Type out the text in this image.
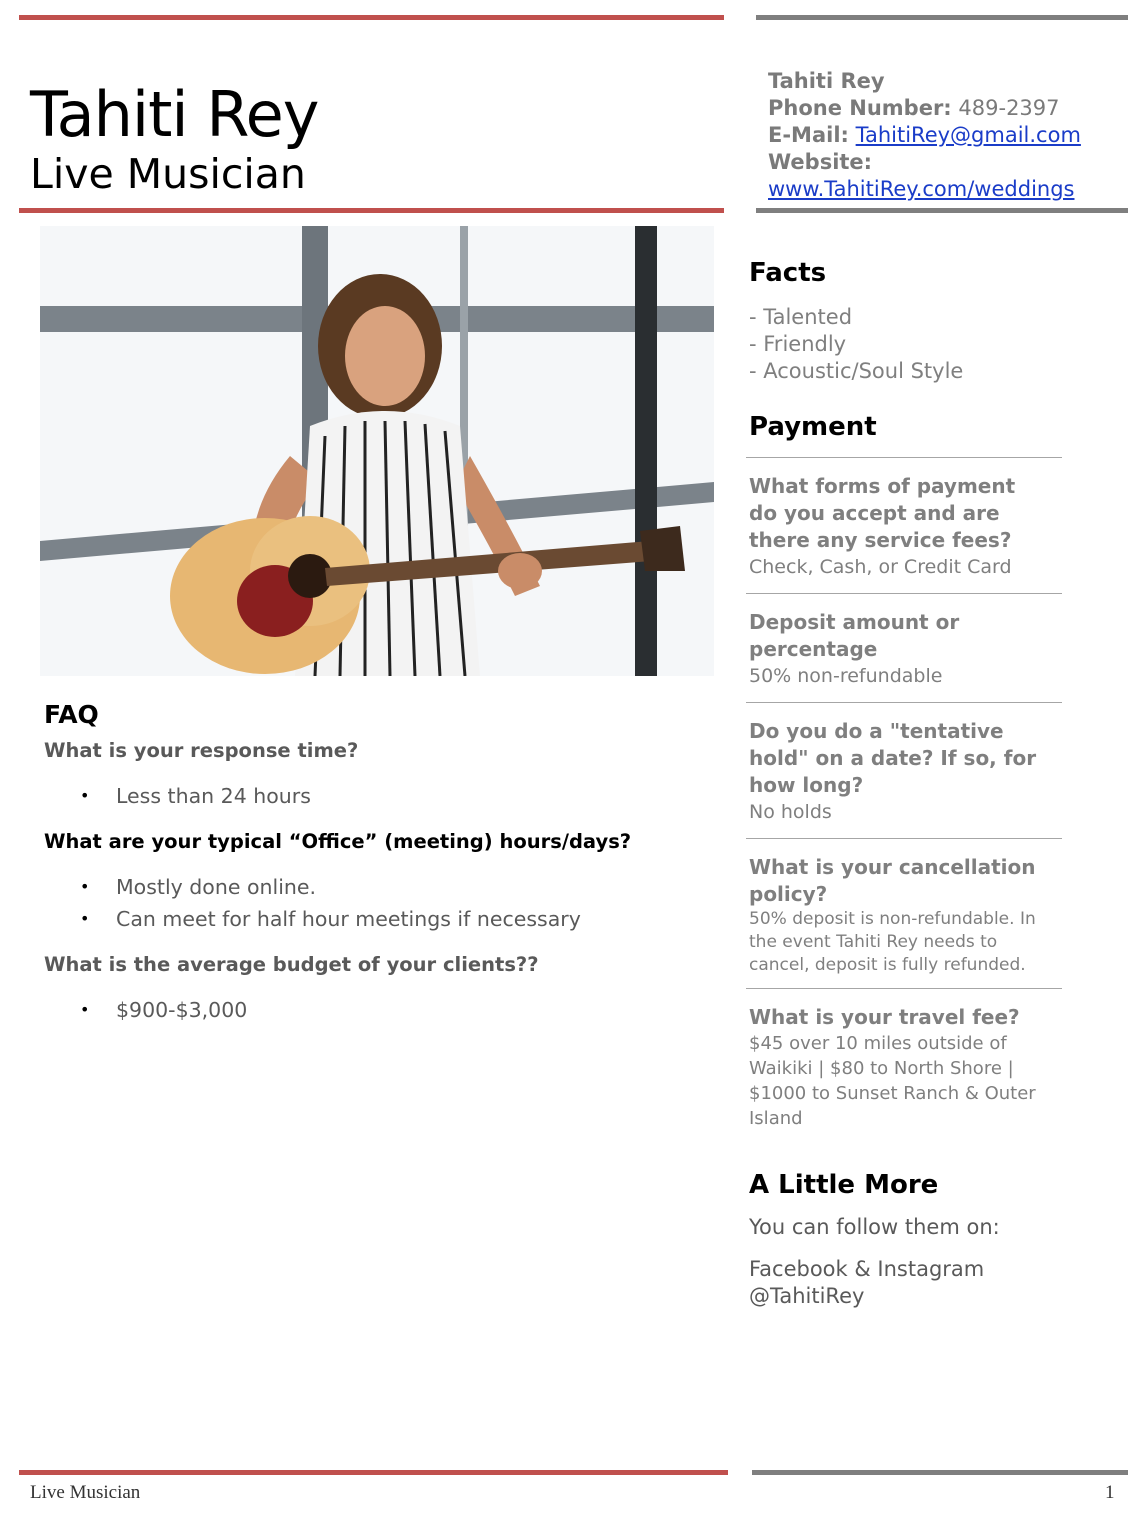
Tahiti Rey
Live Musician
Tahiti Rey
Phone Number: 489-2397
E-Mail: TahitiRey@gmail.com
Website:
www.TahitiRey.com/weddings
FAQ

What is your response time?

• Less than 24 hours

What are your typical “Office” (meeting) hours/days?

• Mostly done online.
• Can meet for half hour meetings if necessary

What is the average budget of your clients??

• $900-$3,000
Facts
- Talented
- Friendly
- Acoustic/Soul Style
Payment

What forms of payment do you accept and are there any service fees?

Check, Cash, or Credit Card

Deposit amount or percentage

50% non-refundable

Do you do a "tentative hold" on a date? If so, for how long?

No holds

What is your cancellation policy?

50% deposit is non-refundable. In the event Tahiti Rey needs to cancel, deposit is fully refunded.

What is your travel fee?

$45 over 10 miles outside of Waikiki | $80 to North Shore | $1000 to Sunset Ranch & Outer Island

A Little More

You can follow them on:

Facebook & Instagram

@TahitiRey

Live Musician	1
